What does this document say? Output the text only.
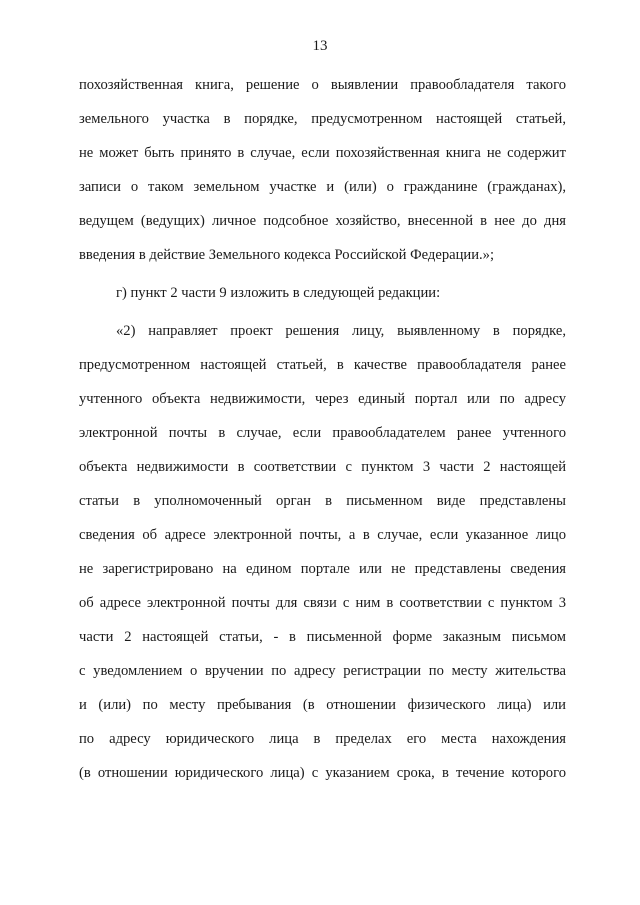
13
похозяйственная книга, решение о выявлении правообладателя такого
земельного участка в порядке, предусмотренном настоящей статьей,
не может быть принято в случае, если похозяйственная книга не содержит
записи о таком земельном участке и (или) о гражданине (гражданах),
ведущем (ведущих) личное подсобное хозяйство, внесенной в нее до дня
введения в действие Земельного кодекса Российской Федерации.»;
г) пункт 2 части 9 изложить в следующей редакции:
«2) направляет проект решения лицу, выявленному в порядке,
предусмотренном настоящей статьей, в качестве правообладателя ранее
учтенного объекта недвижимости, через единый портал или по адресу
электронной почты в случае, если правообладателем ранее учтенного
объекта недвижимости в соответствии с пунктом 3 части 2 настоящей
статьи в уполномоченный орган в письменном виде представлены
сведения об адресе электронной почты, а в случае, если указанное лицо
не зарегистрировано на едином портале или не представлены сведения
об адресе электронной почты для связи с ним в соответствии с пунктом 3
части 2 настоящей статьи, - в письменной форме заказным письмом
с уведомлением о вручении по адресу регистрации по месту жительства
и (или) по месту пребывания (в отношении физического лица) или
по адресу юридического лица в пределах его места нахождения
(в отношении юридического лица) с указанием срока, в течение которого
